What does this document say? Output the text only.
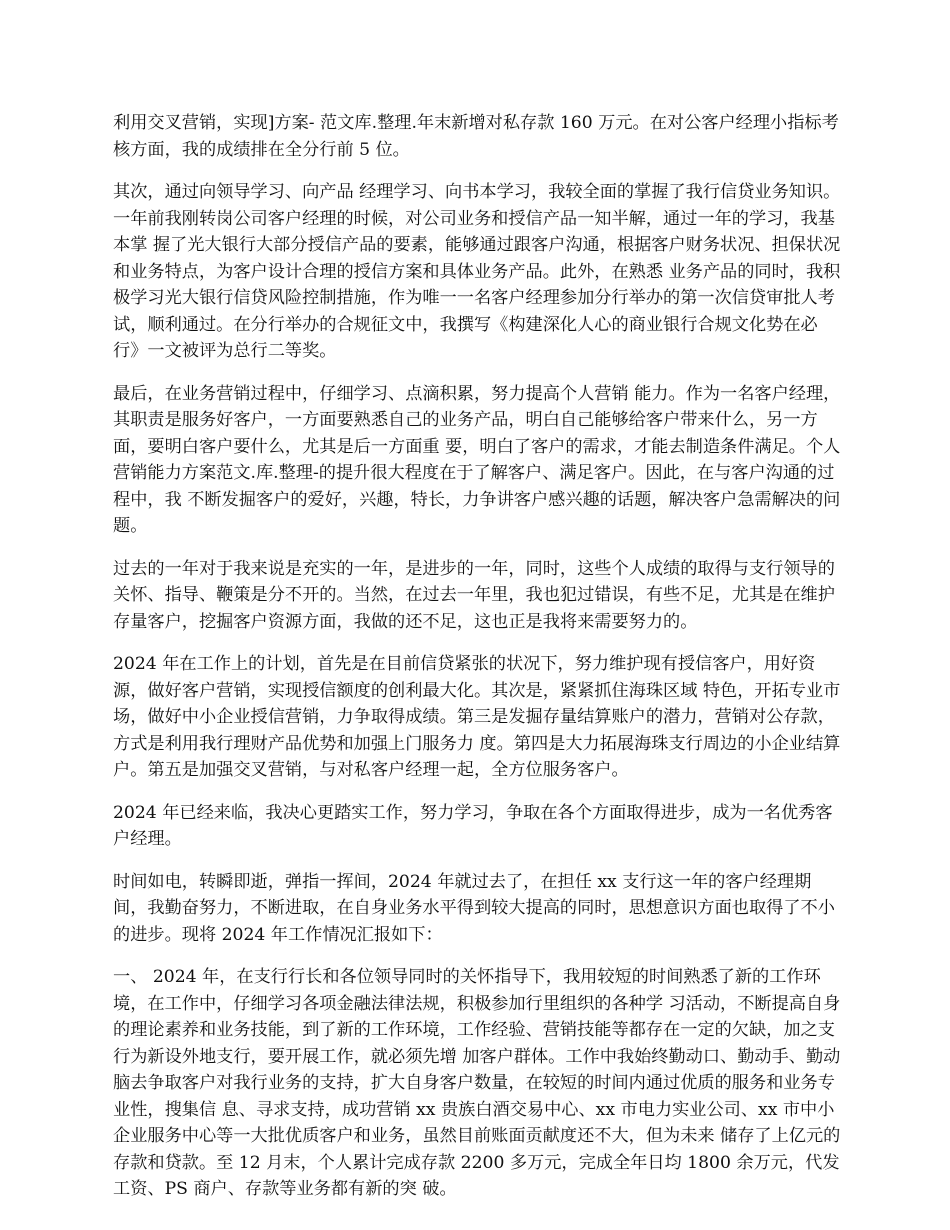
利用交叉营销，实现]方案- 范文库.整理.年末新增对私存款 160 万元。在对公客户经理小指标考核方面，我的成绩排在全分行前 5 位。

其次，通过向领导学习、向产品 经理学习、向书本学习，我较全面的掌握了我行信贷业务知识。一年前我刚转岗公司客户经理的时候，对公司业务和授信产品一知半解，通过一年的学习，我基本掌 握了光大银行大部分授信产品的要素，能够通过跟客户沟通，根据客户财务状况、担保状况和业务特点，为客户设计合理的授信方案和具体业务产品。此外，在熟悉 业务产品的同时，我积极学习光大银行信贷风险控制措施，作为唯一一名客户经理参加分行举办的第一次信贷审批人考试，顺利通过。在分行举办的合规征文中，我撰写《构建深化人心的商业银行合规文化势在必行》一文被评为总行二等奖。

最后，在业务营销过程中，仔细学习、点滴积累，努力提高个人营销 能力。作为一名客户经理，其职责是服务好客户，一方面要熟悉自己的业务产品，明白自己能够给客户带来什么，另一方面，要明白客户要什么，尤其是后一方面重 要，明白了客户的需求，才能去制造条件满足。个人营销能力方案范文.库.整理-的提升很大程度在于了解客户、满足客户。因此，在与客户沟通的过程中，我 不断发掘客户的爱好，兴趣，特长，力争讲客户感兴趣的话题，解决客户急需解决的问题。

过去的一年对于我来说是充实的一年，是进步的一年，同时，这些个人成绩的取得与支行领导的关怀、指导、鞭策是分不开的。当然，在过去一年里，我也犯过错误，有些不足，尤其是在维护存量客户，挖掘客户资源方面，我做的还不足，这也正是我将来需要努力的。

2024 年在工作上的计划，首先是在目前信贷紧张的状况下，努力维护现有授信客户，用好资源，做好客户营销，实现授信额度的创利最大化。其次是，紧紧抓住海珠区域 特色，开拓专业市场，做好中小企业授信营销，力争取得成绩。第三是发掘存量结算账户的潜力，营销对公存款，方式是利用我行理财产品优势和加强上门服务力 度。第四是大力拓展海珠支行周边的小企业结算户。第五是加强交叉营销，与对私客户经理一起，全方位服务客户。

2024 年已经来临，我决心更踏实工作，努力学习，争取在各个方面取得进步，成为一名优秀客户经理。

时间如电，转瞬即逝，弹指一挥间，2024 年就过去了，在担任 xx 支行这一年的客户经理期间，我勤奋努力，不断进取，在自身业务水平得到较大提高的同时，思想意识方面也取得了不小的进步。现将 2024 年工作情况汇报如下：

一、 2024 年，在支行行长和各位领导同时的关怀指导下，我用较短的时间熟悉了新的工作环境，在工作中，仔细学习各项金融法律法规，积极参加行里组织的各种学 习活动，不断提高自身的理论素养和业务技能，到了新的工作环境，工作经验、营销技能等都存在一定的欠缺，加之支行为新设外地支行，要开展工作，就必须先增 加客户群体。工作中我始终勤动口、勤动手、勤动脑去争取客户对我行业务的支持，扩大自身客户数量，在较短的时间内通过优质的服务和业务专业性，搜集信 息、寻求支持，成功营销 xx 贵族白酒交易中心、xx 市电力实业公司、xx 市中小企业服务中心等一大批优质客户和业务，虽然目前账面贡献度还不大，但为未来 储存了上亿元的存款和贷款。至 12 月末，个人累计完成存款 2200 多万元，完成全年日均 1800 余万元，代发工资、PS 商户、存款等业务都有新的突 破。
